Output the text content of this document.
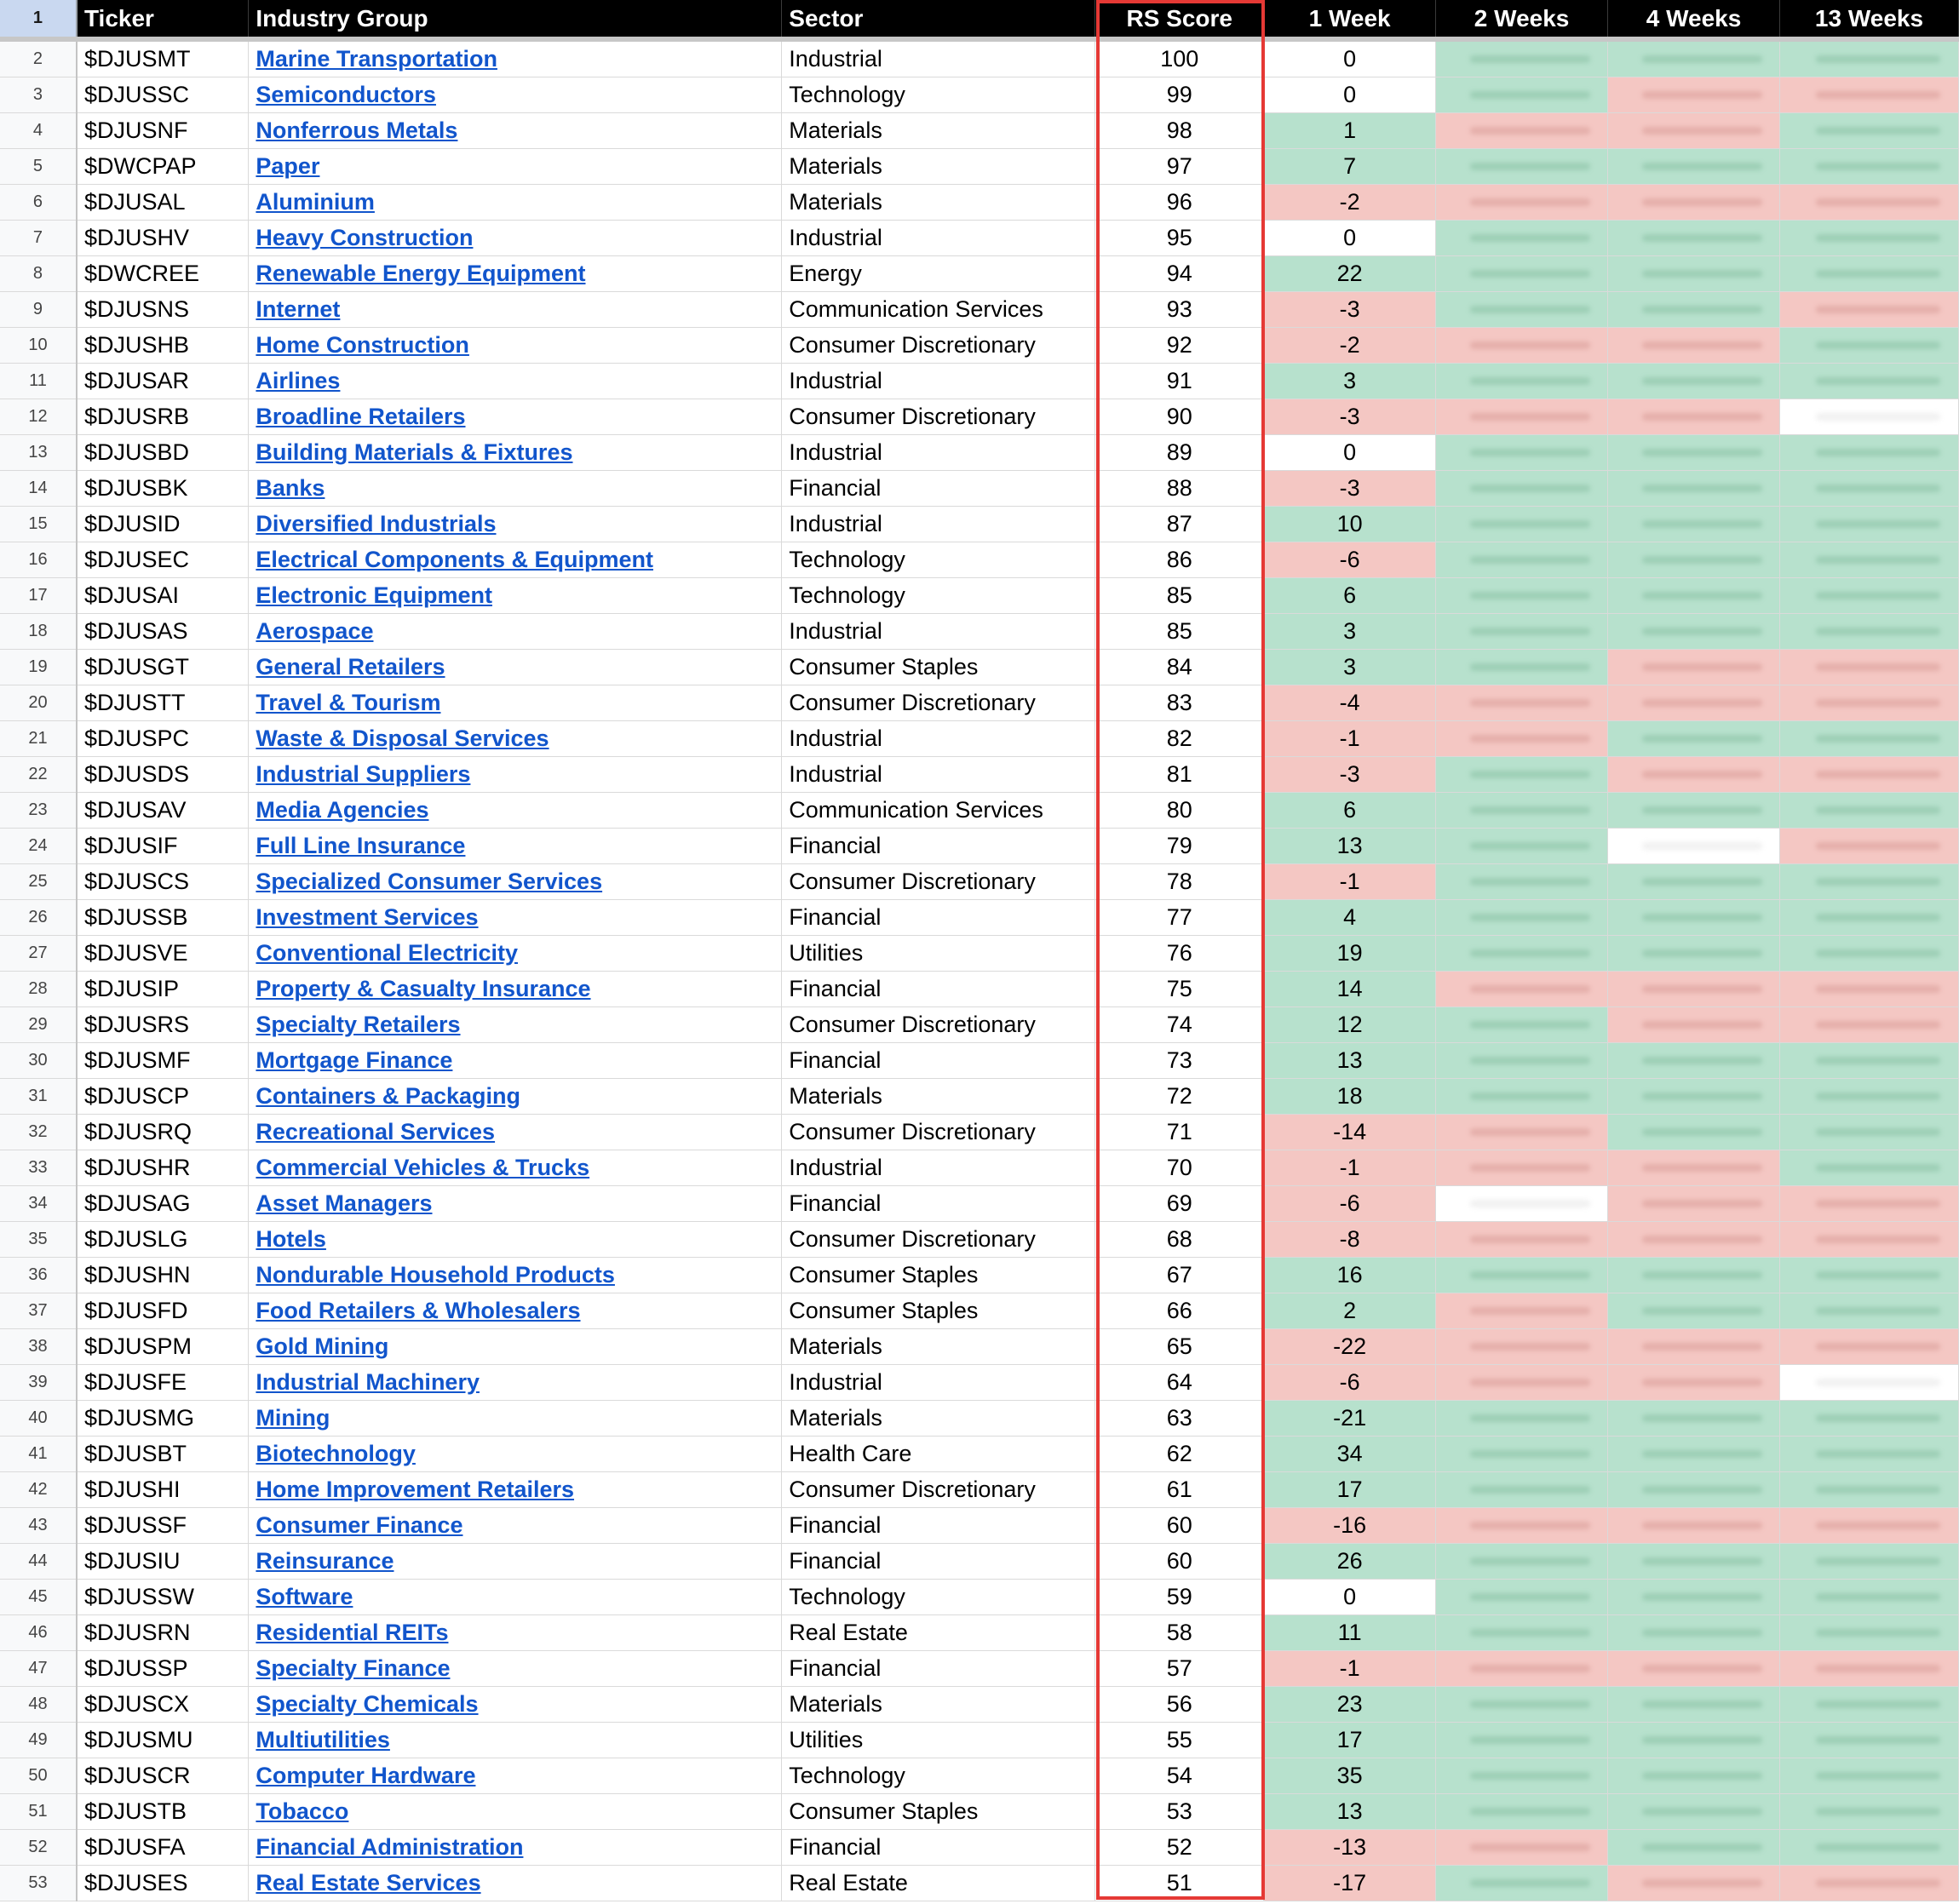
1	Ticker	Industry Group	Sector	RS Score	1 Week	2 Weeks	4 Weeks	13 Weeks

2	$DJUSMT	Marine Transportation	Industrial	100	0	

3	$DJUSSC	Semiconductors	Technology	99	0	

4	$DJUSNF	Nonferrous Metals	Materials	98	1	

5	$DWCPAP	Paper	Materials	97	7	

6	$DJUSAL	Aluminium	Materials	96	-2	

7	$DJUSHV	Heavy Construction	Industrial	95	0	

8	$DWCREE	Renewable Energy Equipment	Energy	94	22	

9	$DJUSNS	Internet	Communication Services	93	-3	

10	$DJUSHB	Home Construction	Consumer Discretionary	92	-2	

11	$DJUSAR	Airlines	Industrial	91	3	

12	$DJUSRB	Broadline Retailers	Consumer Discretionary	90	-3	

13	$DJUSBD	Building Materials & Fixtures	Industrial	89	0	

14	$DJUSBK	Banks	Financial	88	-3	

15	$DJUSID	Diversified Industrials	Industrial	87	10	

16	$DJUSEC	Electrical Components & Equipment	Technology	86	-6	

17	$DJUSAI	Electronic Equipment	Technology	85	6	

18	$DJUSAS	Aerospace	Industrial	85	3	

19	$DJUSGT	General Retailers	Consumer Staples	84	3	

20	$DJUSTT	Travel & Tourism	Consumer Discretionary	83	-4	

21	$DJUSPC	Waste & Disposal Services	Industrial	82	-1	

22	$DJUSDS	Industrial Suppliers	Industrial	81	-3	

23	$DJUSAV	Media Agencies	Communication Services	80	6	

24	$DJUSIF	Full Line Insurance	Financial	79	13	

25	$DJUSCS	Specialized Consumer Services	Consumer Discretionary	78	-1	

26	$DJUSSB	Investment Services	Financial	77	4	

27	$DJUSVE	Conventional Electricity	Utilities	76	19	

28	$DJUSIP	Property & Casualty Insurance	Financial	75	14	

29	$DJUSRS	Specialty Retailers	Consumer Discretionary	74	12	

30	$DJUSMF	Mortgage Finance	Financial	73	13	

31	$DJUSCP	Containers & Packaging	Materials	72	18	

32	$DJUSRQ	Recreational Services	Consumer Discretionary	71	-14	

33	$DJUSHR	Commercial Vehicles & Trucks	Industrial	70	-1	

34	$DJUSAG	Asset Managers	Financial	69	-6	

35	$DJUSLG	Hotels	Consumer Discretionary	68	-8	

36	$DJUSHN	Nondurable Household Products	Consumer Staples	67	16	

37	$DJUSFD	Food Retailers & Wholesalers	Consumer Staples	66	2	

38	$DJUSPM	Gold Mining	Materials	65	-22	

39	$DJUSFE	Industrial Machinery	Industrial	64	-6	

40	$DJUSMG	Mining	Materials	63	-21	

41	$DJUSBT	Biotechnology	Health Care	62	34	

42	$DJUSHI	Home Improvement Retailers	Consumer Discretionary	61	17	

43	$DJUSSF	Consumer Finance	Financial	60	-16	

44	$DJUSIU	Reinsurance	Financial	60	26	

45	$DJUSSW	Software	Technology	59	0	

46	$DJUSRN	Residential REITs	Real Estate	58	11	

47	$DJUSSP	Specialty Finance	Financial	57	-1	

48	$DJUSCX	Specialty Chemicals	Materials	56	23	

49	$DJUSMU	Multiutilities	Utilities	55	17	

50	$DJUSCR	Computer Hardware	Technology	54	35	

51	$DJUSTB	Tobacco	Consumer Staples	53	13	

52	$DJUSFA	Financial Administration	Financial	52	-13	

53	$DJUSES	Real Estate Services	Real Estate	51	-17	
